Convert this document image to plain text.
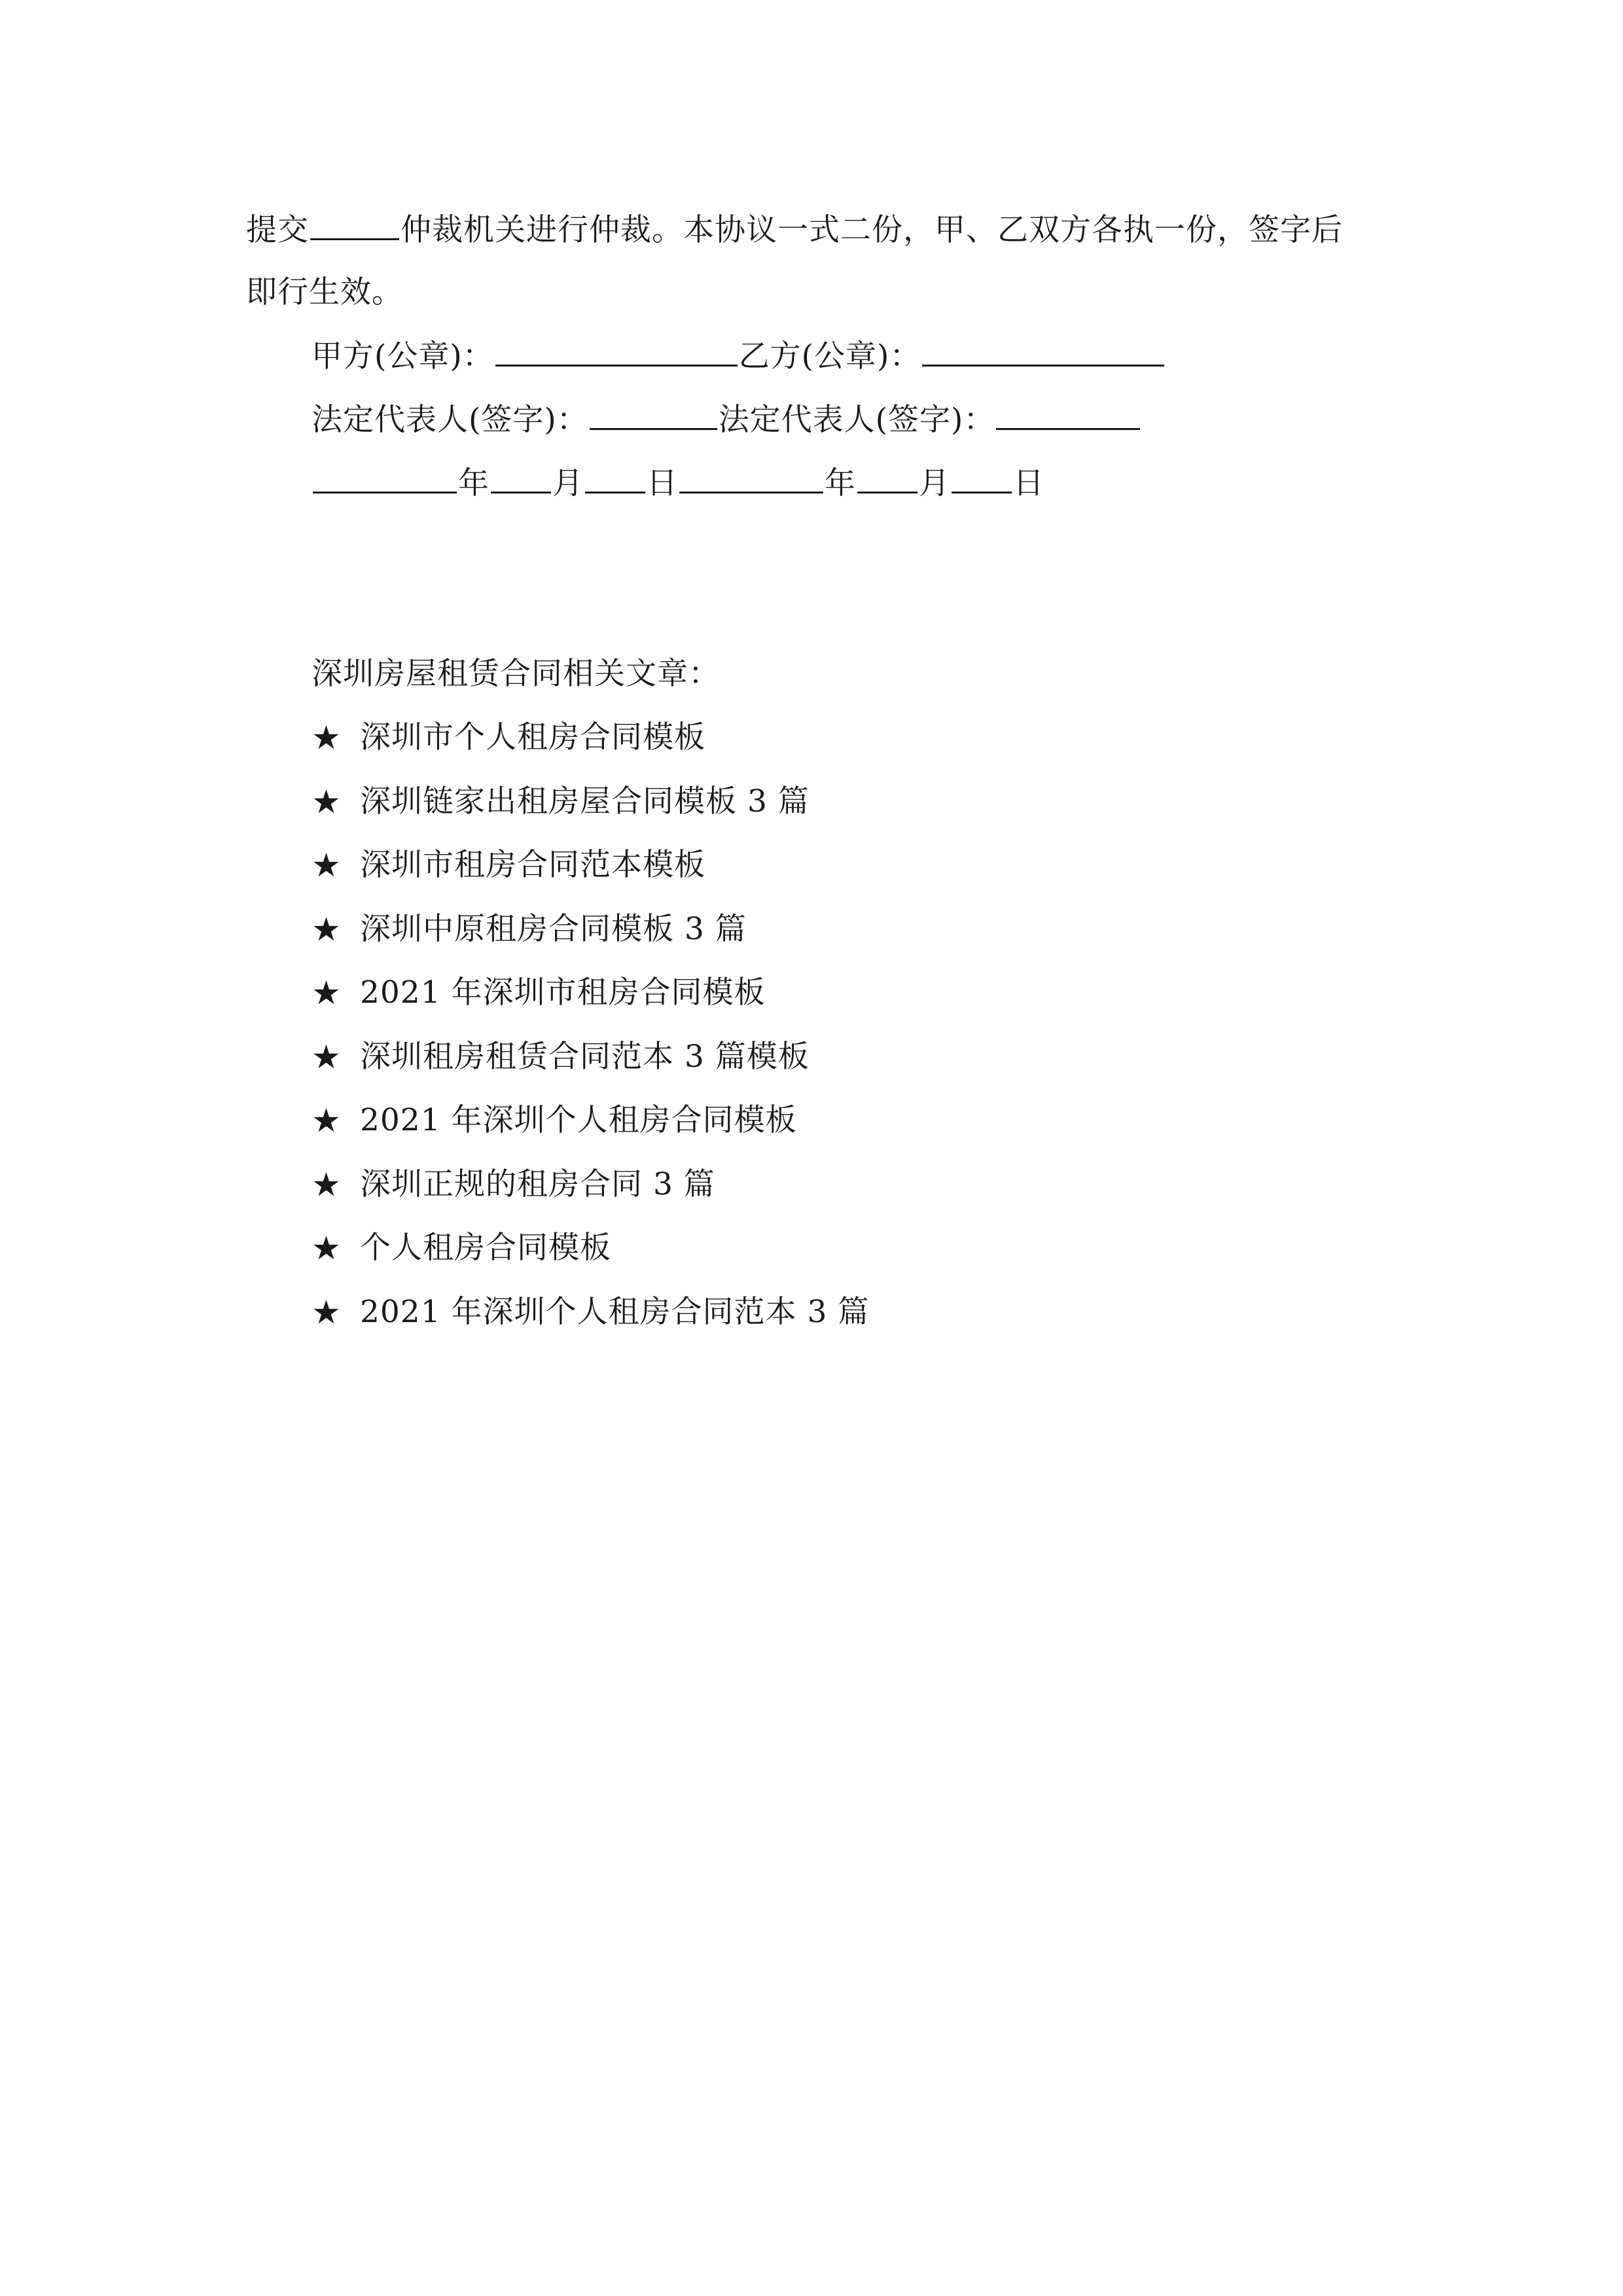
提交	仲裁机关进行仲裁。本协议一式二份，甲、乙双方各执一份，签字后
即行生效。
甲方(公章)：	乙方(公章)：
法定代表人(签字)：	法定代表人(签字)：
年 月 日	年 月 日
深圳房屋租赁合同相关文章：
★ 深圳市个人租房合同模板
★ 深圳链家出租房屋合同模板 3 篇
★ 深圳市租房合同范本模板
★ 深圳中原租房合同模板 3 篇
★ 2021 年深圳市租房合同模板
★ 深圳租房租赁合同范本 3 篇模板
★ 2021 年深圳个人租房合同模板
★ 深圳正规的租房合同 3 篇
★ 个人租房合同模板
★ 2021 年深圳个人租房合同范本 3 篇
